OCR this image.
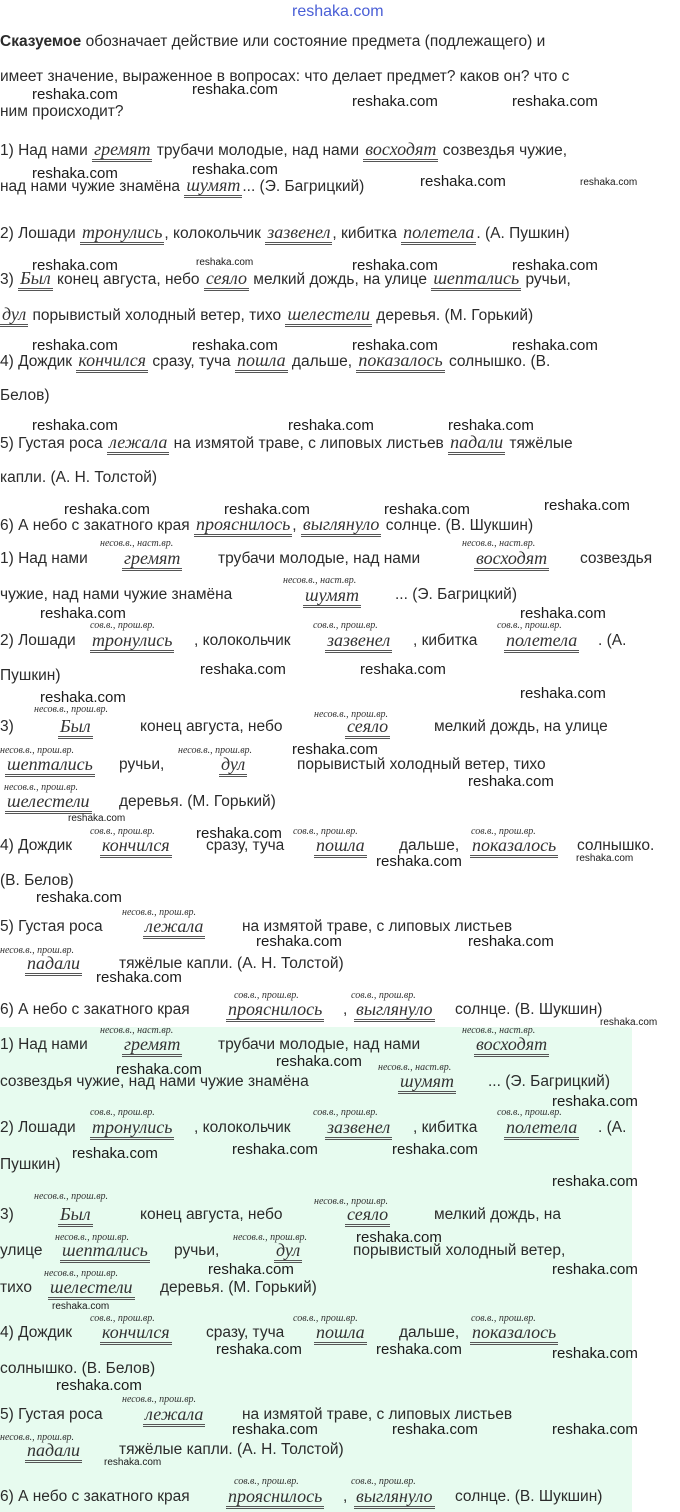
Сказуемое обозначает действие или состояние предмета (подлежащего) и
имеет значение, выраженное в вопросах: что делает предмет? каков он? что с
ним происходит?
1) Над нами гремят трубачи молодые, над нами восходят созвездья чужие,
над нами чужие знамёна шумят ... (Э. Багрицкий)
2) Лошади тронулись , колокольчик зазвенел , кибитка полетела . (А. Пушкин)
3) Был конец августа, небо сеяло мелкий дождь, на улице шептались ручьи,
дул порывистый холодный ветер, тихо шелестели деревья. (М. Горький)
4) Дождик кончился сразу, туча пошла дальше, показалось солнышко. (В.
Белов)
5) Густая роса лежала на измятой траве, с липовых листьев падали тяжёлые
капли. (А. Н. Толстой)
6) А небо с закатного края прояснилось , выглянуло солнце. (В. Шукшин)
1) Над нами
несов.в., наст.вр.
гремят трубачи молодые, над нами
несов.в., наст.вр.
восходят созвездья
чужие, над нами чужие знамёна
несов.в., наст.вр.
шумят ... (Э. Багрицкий)
2) Лошади
сов.в., прош.вр.
тронулись , колокольчик
сов.в., прош.вр.
зазвенел , кибитка
сов.в., прош.вр.
полетела . (А.
Пушкин)
3)
несов.в., прош.вр.
Был	конец августа, небо
несов.в., прош.вр.
сеяло	мелкий дождь, на улице
несов.в., прош.вр.
шептались ручьи,
несов.в., прош.вр.
дул	порывистый холодный ветер, тихо
несов.в., прош.вр.
шелестели деревья. (М. Горький)
4) Дождик
сов.в., прош.вр.
кончился сразу, туча
сов.в., прош.вр.
пошла дальше,
сов.в., прош.вр.
показалось солнышко.
(В. Белов)
5) Густая роса
несов.в., прош.вр.
лежала на измятой траве, с липовых листьев
несов.в., прош.вр.
падали	тяжёлые капли. (А. Н. Толстой)
6) А небо с закатного края
сов.в., прош.вр.
прояснилось ,
сов.в., прош.вр.
выглянуло солнце. (В. Шукшин)
1) Над нами
несов.в., наст.вр.
гремят трубачи молодые, над нами
несов.в., наст.вр.
восходят
созвездья чужие, над нами чужие знамёна
несов.в., наст.вр.
шумят ... (Э. Багрицкий)
2) Лошади
сов.в., прош.вр.
тронулись , колокольчик
сов.в., прош.вр.
зазвенел , кибитка
сов.в., прош.вр.
полетела . (А.
Пушкин)
3)
несов.в., прош.вр.
Был	конец августа, небо
несов.в., прош.вр.
сеяло	мелкий дождь, на
улице
несов.в., прош.вр.
шептались ручьи,
несов.в., прош.вр.
дул	порывистый холодный ветер,
тихо
несов.в., прош.вр.
шелестели деревья. (М. Горький)
4) Дождик
сов.в., прош.вр.
кончился сразу, туча
сов.в., прош.вр.
пошла дальше,
сов.в., прош.вр.
показалось
солнышко. (В. Белов)
5) Густая роса
несов.в., прош.вр.
лежала на измятой траве, с липовых листьев
несов.в., прош.вр.
падали	тяжёлые капли. (А. Н. Толстой)
6) А небо с закатного края
сов.в., прош.вр.
прояснилось ,
сов.в., прош.вр.
выглянуло солнце. (В. Шукшин)
reshaka.com
reshaka.com	reshaka.com
reshaka.com	reshaka.com
reshaka.com	reshaka.com
reshaka.com	reshaka.com
reshaka.com	reshaka.com	reshaka.com	reshaka.com
reshaka.com	reshaka.com	reshaka.com	reshaka.com
reshaka.com	reshaka.com	reshaka.com
reshaka.com	reshaka.com	reshaka.com	reshaka.com
reshaka.com	reshaka.com
reshaka.com	reshaka.com
reshaka.com	reshaka.com
reshaka.com
reshaka.com
reshaka.com
reshaka.com
reshaka.com	reshaka.com
reshaka.com
reshaka.com	reshaka.com
reshaka.com
reshaka.com
reshaka.com
reshaka.com
reshaka.com
reshaka.com	reshaka.com	reshaka.com
reshaka.com
reshaka.com
reshaka.com	reshaka.com
reshaka.com
reshaka.com	reshaka.com	reshaka.com
reshaka.com
reshaka.com	reshaka.com	reshaka.com
reshaka.com
